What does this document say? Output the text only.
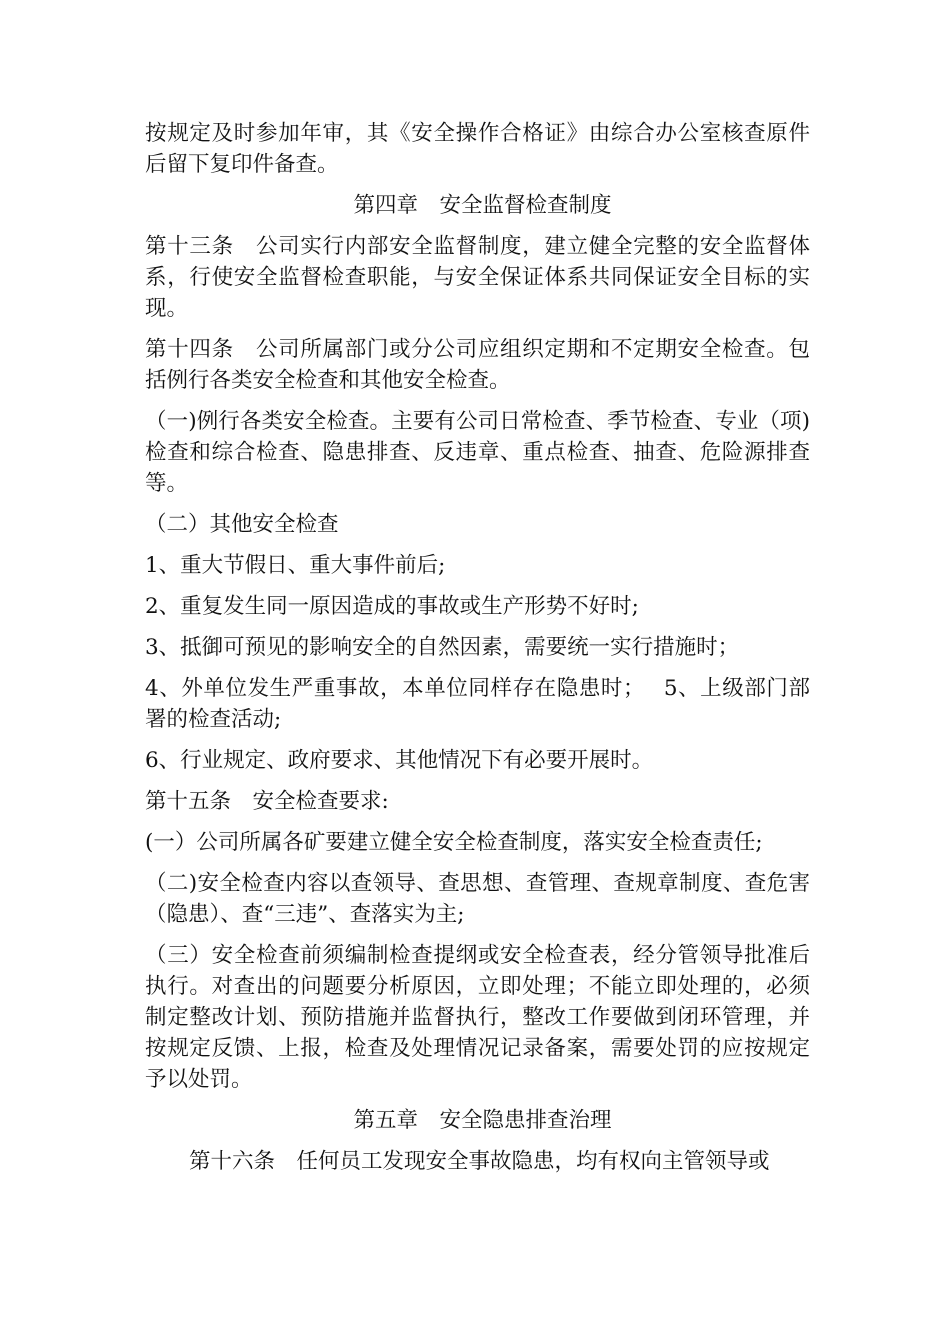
按规定及时参加年审，其《安全操作合格证》由综合办公室核查原件后留下复印件备查。

第四章　安全监督检查制度

第十三条　公司实行内部安全监督制度，建立健全完整的安全监督体系，行使安全监督检查职能，与安全保证体系共同保证安全目标的实现。

第十四条　公司所属部门或分公司应组织定期和不定期安全检查。包括例行各类安全检查和其他安全检查。

（一)例行各类安全检查。主要有公司日常检查、季节检查、专业（项)检查和综合检查、隐患排查、反违章、重点检查、抽查、危险源排查等。

（二）其他安全检查

1、重大节假日、重大事件前后;

2、重复发生同一原因造成的事故或生产形势不好时;

3、抵御可预见的影响安全的自然因素，需要统一实行措施时；

4、外单位发生严重事故，本单位同样存在隐患时；　 5、上级部门部署的检查活动;

6、行业规定、政府要求、其他情况下有必要开展时。

第十五条　安全检查要求:

(一）公司所属各矿要建立健全安全检查制度，落实安全检查责任;

（二)安全检查内容以查领导、查思想、查管理、查规章制度、查危害（隐患）、查“三违”、查落实为主;

（三）安全检查前须编制检查提纲或安全检查表，经分管领导批准后执行。对查出的问题要分析原因，立即处理；不能立即处理的，必须制定整改计划、预防措施并监督执行，整改工作要做到闭环管理，并按规定反馈、上报，检查及处理情况记录备案，需要处罚的应按规定予以处罚。

第五章　安全隐患排查治理

第十六条　任何员工发现安全事故隐患，均有权向主管领导或
